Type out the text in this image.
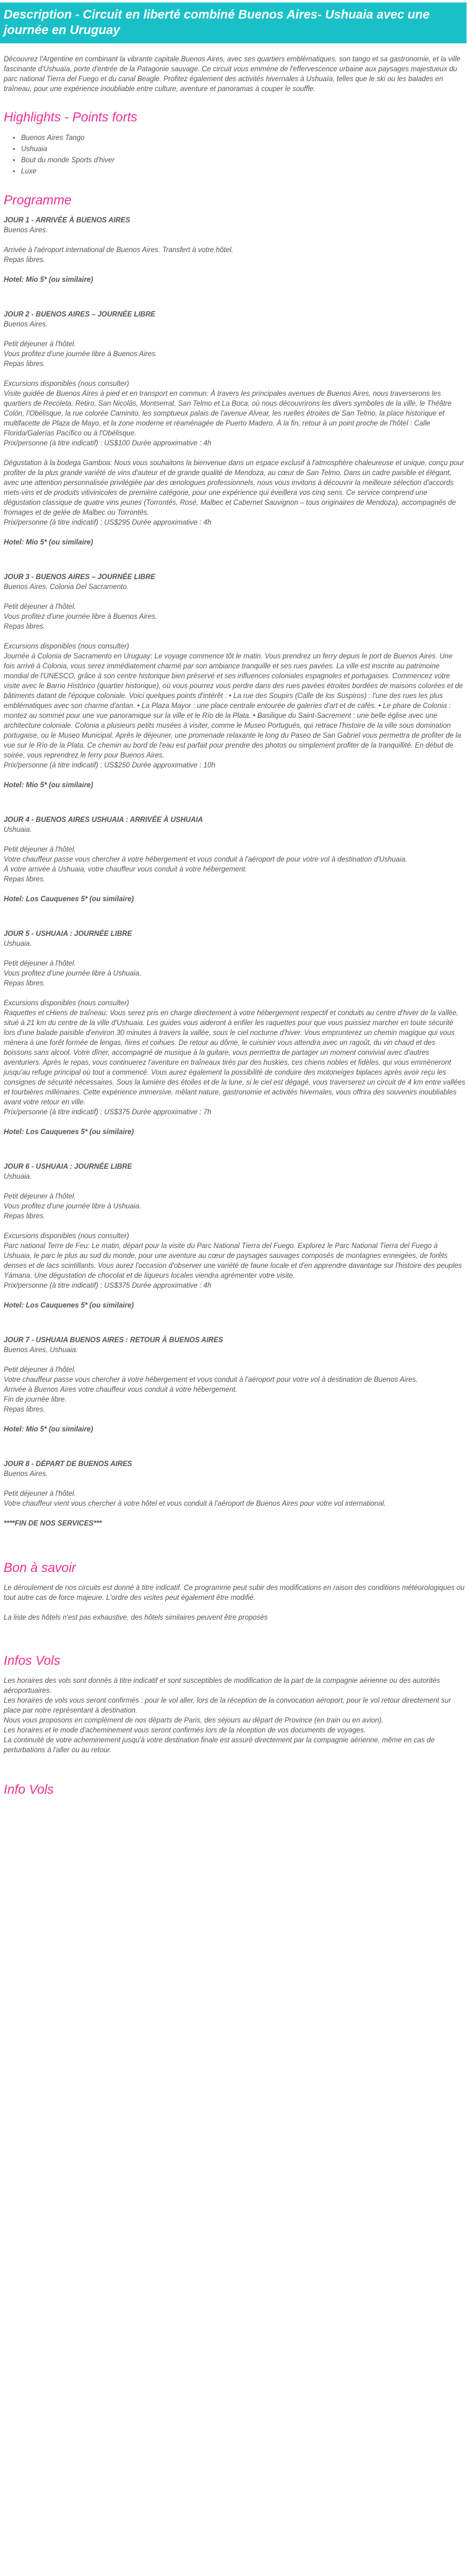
Description - Circuit en liberté combiné Buenos Aires- Ushuaia avec une journée en Uruguay

Découvrez l'Argentine en combinant la vibrante capitale Buenos Aires, avec ses quartiers emblématiques, son tango et sa gastronomie, et la ville fascinante d'Ushuaïa, porte d'entrée de la Patagonie sauvage. Ce circuit vous emmène de l'effervescence urbaine aux paysages majestueux du parc national Tierra del Fuego et du canal Beagle. Profitez également des activités hivernales à Ushuaïa, telles que le ski ou les balades en traîneau, pour une expérience inoubliable entre culture, aventure et panoramas à couper le souffle.

Highlights - Points forts
• Buenos Aires Tango
• Ushuaia
• Bout du monde Sports d'hiver
• Luxe
Programme

JOUR 1 - ARRIVÉE À BUENOS AIRES

Buenos Aires.

Arrivée à l'aéroport international de Buenos Aires. Transfert à votre hôtel.

Repas libres.

Hotel: Mio 5* (ou similaire)

JOUR 2 - BUENOS AIRES – JOURNÉE LIBRE

Buenos Aires.

Petit déjeuner à l'hôtel.

Vous profitez d'une journée libre à Buenos Aires.

Repas libres.

Excursions disponibles (nous consulter)

Visite guidée de Buenos Aires à pied et en transport en commun: À travers les principales avenues de Buenos Aires, nous traverserons les quartiers de Recoleta, Retiro, San Nicolás, Montserrat, San Telmo et La Boca, où nous découvrirons les divers symboles de la ville, le Théâtre Colón, l'Obélisque, la rue colorée Caminito, les somptueux palais de l'avenue Alvear, les ruelles étroites de San Telmo, la place historique et multifacette de Plaza de Mayo, et la zone moderne et réaménagée de Puerto Madero. À la fin, retour à un point proche de l'hôtel : Calle Florida/Galerías Pacífico ou à l'Obélisque.

Prix/personne (à titre indicatif) : US$100 Durée approximative : 4h

Dégustation à la bodega Gamboa: Nous vous souhaitons la bienvenue dans un espace exclusif à l'atmosphère chaleureuse et unique, conçu pour profiter de la plus grande variété de vins d'auteur et de grande qualité de Mendoza, au cœur de San Telmo. Dans un cadre paisible et élégant, avec une attention personnalisée privilégiée par des œnologues professionnels, nous vous invitons à découvrir la meilleure sélection d'accords mets-vins et de produits vitivinicoles de première catégorie, pour une expérience qui éveillera vos cinq sens. Ce service comprend une dégustation classique de quatre vins jeunes (Torrontés, Rosé, Malbec et Cabernet Sauvignon – tous originaires de Mendoza), accompagnés de fromages et de gelée de Malbec ou Torrontés.

Prix/personne (à titre indicatif) : US$295 Durée approximative : 4h

Hotel: Mio 5* (ou similaire)

JOUR 3 - BUENOS AIRES – JOURNÉE LIBRE

Buenos Aires, Colonia Del Sacramento.

Petit déjeuner à l'hôtel.

Vous profitez d'une journée libre à Buenos Aires.

Repas libres.

Excursions disponibles (nous consulter)

Journée à Colonia de Sacramento en Uruguay: Le voyage commence tôt le matin. Vous prendrez un ferry depuis le port de Buenos Aires. Une fois arrivé à Colonia, vous serez immédiatement charmé par son ambiance tranquille et ses rues pavées. La ville est inscrite au patrimoine mondial de l'UNESCO, grâce à son centre historique bien préservé et ses influences coloniales espagnoles et portugaises. Commencez votre visite avec le Barrio Histórico (quartier historique), où vous pourrez vous perdre dans des rues pavées étroites bordées de maisons colorées et de bâtiments datant de l'époque coloniale. Voici quelques points d'intérêt : • La rue des Soupirs (Calle de los Suspiros) : l'une des rues les plus emblématiques avec son charme d'antan. • La Plaza Mayor : une place centrale entourée de galeries d'art et de cafés. • Le phare de Colonia : montez au sommet pour une vue panoramique sur la ville et le Río de la Plata. • Basilique du Saint-Sacrement : une belle église avec une architecture coloniale. Colonia a plusieurs petits musées à visiter, comme le Museo Portugués, qui retrace l'histoire de la ville sous domination portugaise, ou le Museo Municipal. Après le déjeuner, une promenade relaxante le long du Paseo de San Gabriel vous permettra de profiter de la vue sur le Río de la Plata. Ce chemin au bord de l'eau est parfait pour prendre des photos ou simplement profiter de la tranquillité. En début de soirée, vous reprendrez le ferry pour Buenos Aires.

Prix/personne (à titre indicatif) : US$250 Durée approximative : 10h

Hotel: Mio 5* (ou similaire)

JOUR 4 - BUENOS AIRES USHUAIA : ARRIVÉE À USHUAIA

Ushuaia.

Petit déjeuner à l'hôtel.

Votre chauffeur passe vous chercher à votre hébergement et vous conduit à l'aéroport de pour votre vol à destination d'Ushuaia.

À votre arrivée à Ushuaia, votre chauffeur vous conduit à votre hébergement.

Repas libres.

Hotel: Los Cauquenes 5* (ou similaire)

JOUR 5 - USHUAIA : JOURNÉE LIBRE

Ushuaia.

Petit déjeuner à l'hôtel.

Vous profitez d'une journée libre à Ushuaia.

Repas libres.

Excursions disponibles (nous consulter)

Raquettes et cHiens de traîneau: Vous serez pris en charge directement à votre hébergement respectif et conduits au centre d'hiver de la vallée, situé à 21 km du centre de la ville d'Ushuaia. Les guides vous aideront à enfiler les raquettes pour que vous puissiez marcher en toute sécurité lors d'une balade paisible d'environ 30 minutes à travers la vallée, sous le ciel nocturne d'hiver. Vous emprunterez un chemin magique qui vous mènera à une forêt formée de lengas, ñires et coihues. De retour au dôme, le cuisinier vous attendra avec un ragoût, du vin chaud et des boissons sans alcool. Votre dîner, accompagné de musique à la guitare, vous permettra de partager un moment convivial avec d'autres aventuriers. Après le repas, vous continuerez l'aventure en traîneaux tirés par des huskies, ces chiens nobles et fidèles, qui vous emmèneront jusqu'au refuge principal où tout a commencé. Vous aurez également la possibilité de conduire des motoneiges biplaces après avoir reçu les consignes de sécurité nécessaires. Sous la lumière des étoiles et de la lune, si le ciel est dégagé, vous traverserez un circuit de 4 km entre vallées et tourbières millénaires. Cette expérience immersive, mêlant nature, gastronomie et activités hivernales, vous offrira des souvenirs inoubliables avant votre retour en ville.

Prix/personne (à titre indicatif) : US$375 Durée approximative : 7h

Hotel: Los Cauquenes 5* (ou similaire)

JOUR 6 - USHUAIA : JOURNÉE LIBRE

Ushuaia.

Petit déjeuner à l'hôtel.

Vous profitez d'une journée libre à Ushuaia.

Repas libres.

Excursions disponibles (nous consulter)

Parc national Terre de Feu: Le matin, départ pour la visite du Parc National Tierra del Fuego. Explorez le Parc National Tierra del Fuego à Ushuaia, le parc le plus au sud du monde, pour une aventure au cœur de paysages sauvages composés de montagnes enneigées, de forêts denses et de lacs scintillants. Vous aurez l'occasion d'observer une variété de faune locale et d'en apprendre davantage sur l'histoire des peuples Yámana. Une dégustation de chocolat et de liqueurs locales viendra agrémenter votre visite.

Prix/personne (à titre indicatif) : US$375 Durée approximative : 4h

Hotel: Los Cauquenes 5* (ou similaire)

JOUR 7 - USHUAIA BUENOS AIRES : RETOUR À BUENOS AIRES

Buenos Aires, Ushuaia.

Petit déjeuner à l'hôtel.

Votre chauffeur passe vous chercher à votre hébergement et vous conduit à l'aéroport pour votre vol à destination de Buenos Aires.

Arrivée à Buenos Aires votre chauffeur vous conduit à votre hébergement.

Fin de journée libre.

Repas libres.

Hotel: Mio 5* (ou similaire)

JOUR 8 - DÉPART DE BUENOS AIRES

Buenos Aires.

Petit déjeuner à l'hôtel.

Votre chauffeur vient vous chercher à votre hôtel et vous conduit à l'aéroport de Buenos Aires pour votre vol international.

****FIN DE NOS SERVICES***

Bon à savoir

Le déroulement de nos circuits est donné à titre indicatif. Ce programme peut subir des modifications en raison des conditions météorologiques ou tout autre cas de force majeure. L'ordre des visites peut également être modifié.

La liste des hôtels n'est pas exhaustive, des hôtels similaires peuvent être proposés

Infos Vols

Les horaires des vols sont donnés à titre indicatif et sont susceptibles de modification de la part de la compagnie aérienne ou des autorités aéroportuaires.

Les horaires de vols vous seront confirmés : pour le vol aller, lors de la réception de la convocation aéroport, pour le vol retour directement sur place par notre représentant à destination.

Nous vous proposons en complément de nos départs de Paris, des séjours au départ de Province (en train ou en avion).

Les horaires et le mode d'acheminement vous seront confirmés lors de la réception de vos documents de voyages.

La continuité de votre acheminement jusqu'à votre destination finale est assuré directement par la compagnie aérienne, même en cas de perturbations à l'aller ou au retour.

Info Vols
